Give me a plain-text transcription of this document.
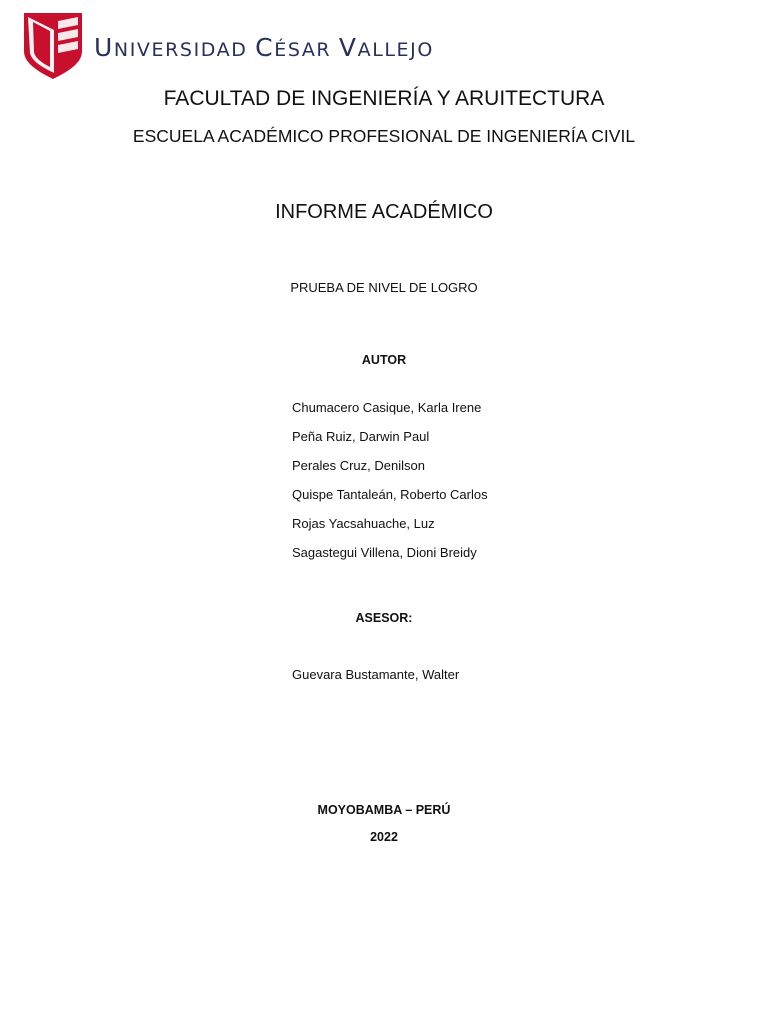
UNIVERSIDAD CÉSAR VALLEJO
FACULTAD DE INGENIERÍA Y ARUITECTURA
ESCUELA ACADÉMICO PROFESIONAL DE INGENIERÍA CIVIL
INFORME ACADÉMICO
PRUEBA DE NIVEL DE LOGRO
AUTOR
Chumacero Casique, Karla Irene
Peña Ruiz, Darwin Paul
Perales Cruz, Denilson
Quispe Tantaleán, Roberto Carlos
Rojas Yacsahuache, Luz
Sagastegui Villena, Dioni Breidy
ASESOR:
Guevara Bustamante, Walter
MOYOBAMBA – PERÚ
2022
